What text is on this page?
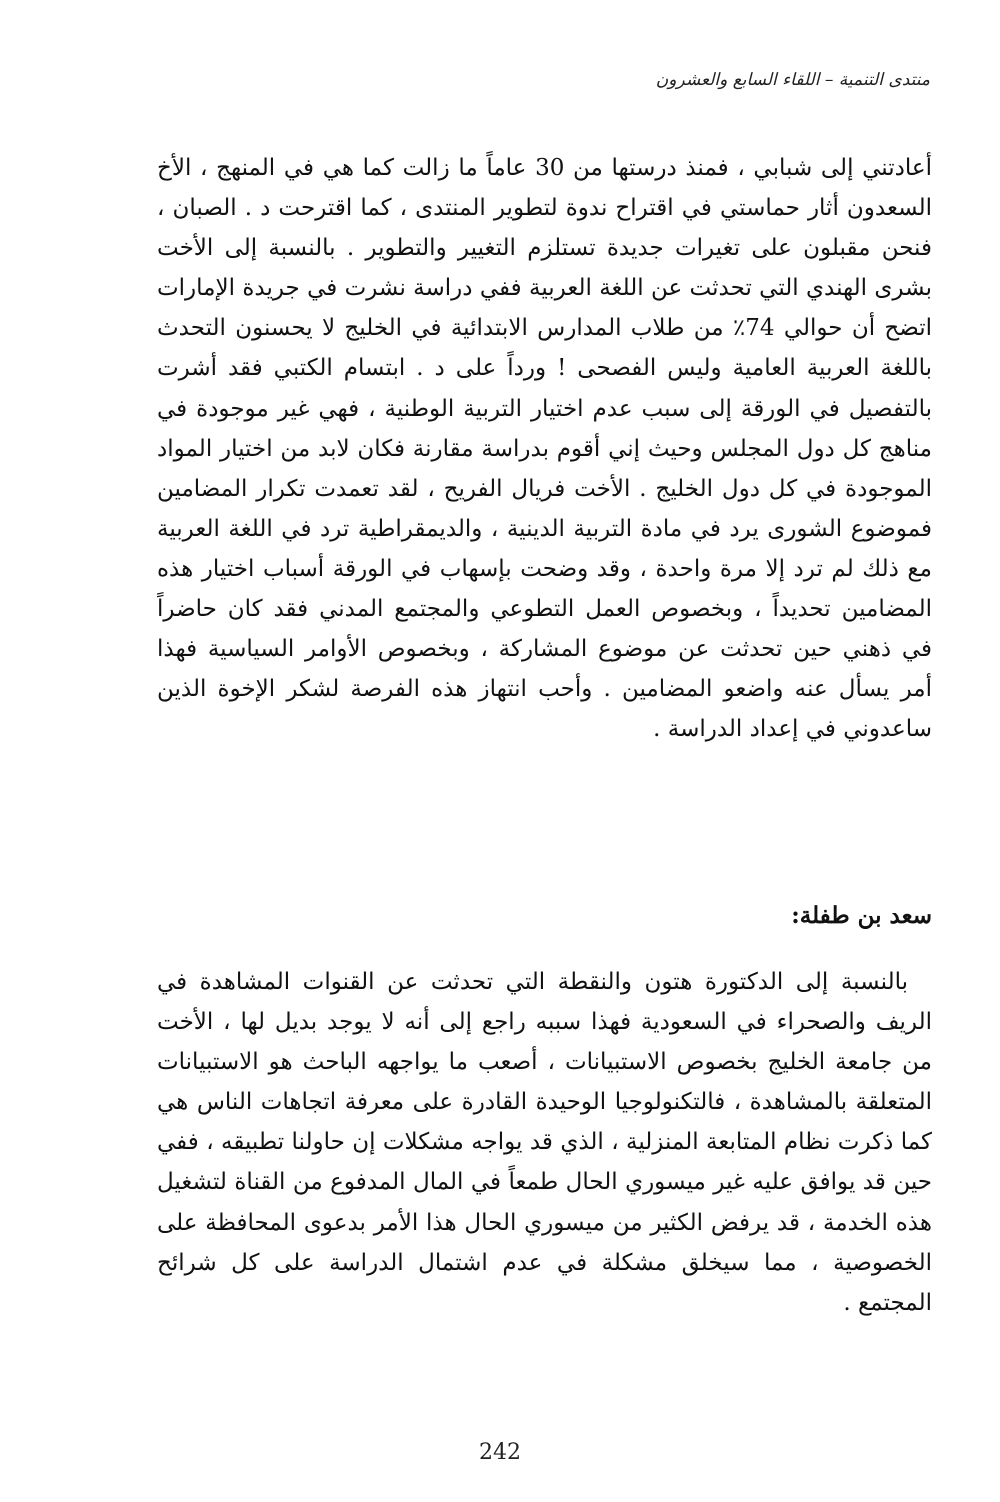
منتدى التنمية – اللقاء السابع والعشرون

أعادتني إلى شبابي ، فمنذ درستها من 30 عاماً ما زالت كما هي في المنهج ، الأخ السعدون أثار حماستي في اقتراح ندوة لتطوير المنتدى ، كما اقترحت د . الصبان ، فنحن مقبلون على تغيرات جديدة تستلزم التغيير والتطوير . بالنسبة إلى الأخت بشرى الهندي التي تحدثت عن اللغة العربية ففي دراسة نشرت في جريدة الإمارات اتضح أن حوالي 74٪ من طلاب المدارس الابتدائية في الخليج لا يحسنون التحدث باللغة العربية العامية وليس الفصحى ! ورداً على د . ابتسام الكتبي فقد أشرت بالتفصيل في الورقة إلى سبب عدم اختيار التربية الوطنية ، فهي غير موجودة في مناهج كل دول المجلس وحيث إني أقوم بدراسة مقارنة فكان لابد من اختيار المواد الموجودة في كل دول الخليج . الأخت فريال الفريح ، لقد تعمدت تكرار المضامين فموضوع الشورى يرد في مادة التربية الدينية ، والديمقراطية ترد في اللغة العربية مع ذلك لم ترد إلا مرة واحدة ، وقد وضحت بإسهاب في الورقة أسباب اختيار هذه المضامين تحديداً ، وبخصوص العمل التطوعي والمجتمع المدني فقد كان حاضراً في ذهني حين تحدثت عن موضوع المشاركة ، وبخصوص الأوامر السياسية فهذا أمر يسأل عنه واضعو المضامين . وأحب انتهاز هذه الفرصة لشكر الإخوة الذين ساعدوني في إعداد الدراسة .

سعد بن طفلة:

بالنسبة إلى الدكتورة هتون والنقطة التي تحدثت عن القنوات المشاهدة في الريف والصحراء في السعودية فهذا سببه راجع إلى أنه لا يوجد بديل لها ، الأخت من جامعة الخليج بخصوص الاستبيانات ، أصعب ما يواجهه الباحث هو الاستبيانات المتعلقة بالمشاهدة ، فالتكنولوجيا الوحيدة القادرة على معرفة اتجاهات الناس هي كما ذكرت نظام المتابعة المنزلية ، الذي قد يواجه مشكلات إن حاولنا تطبيقه ، ففي حين قد يوافق عليه غير ميسوري الحال طمعاً في المال المدفوع من القناة لتشغيل هذه الخدمة ، قد يرفض الكثير من ميسوري الحال هذا الأمر بدعوى المحافظة على الخصوصية ، مما سيخلق مشكلة في عدم اشتمال الدراسة على كل شرائح المجتمع .

242
